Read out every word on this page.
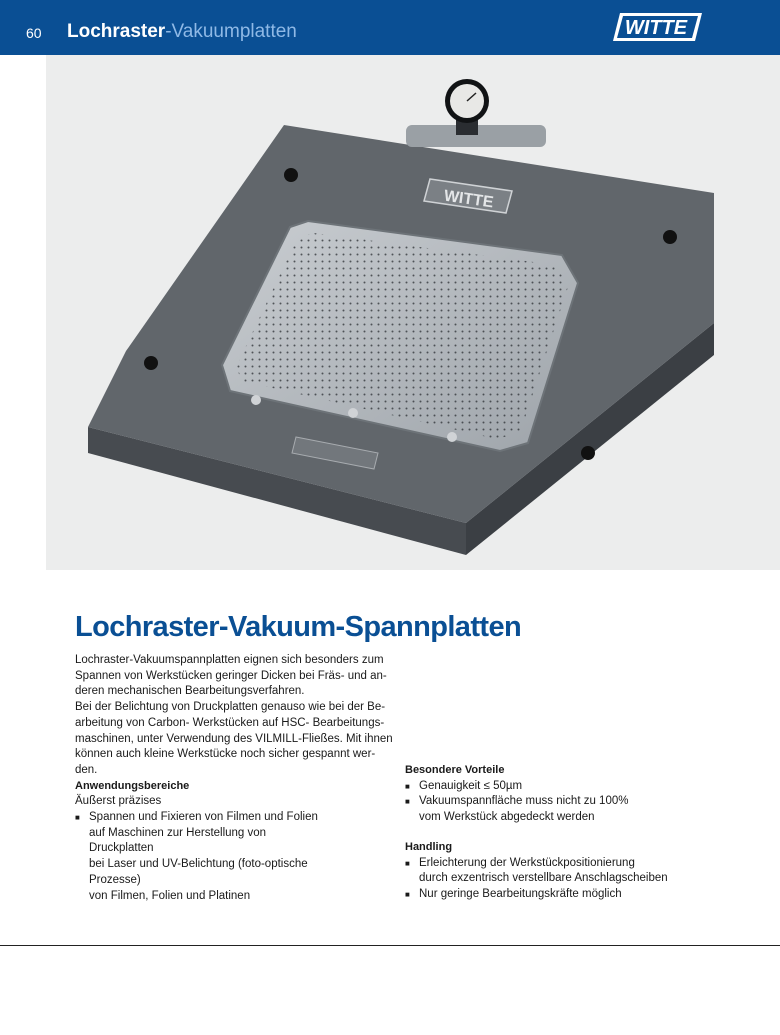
60 Lochraster-Vakuumplatten	WITTE
WITTE
Lochraster-Vakuum-Spannplatten

Lochraster-Vakuumspannplatten eignen sich besonders zum

Spannen von Werkstücken geringer Dicken bei Fräs- und an-

deren mechanischen Bearbeitungsverfahren.

Bei der Belichtung von Druckplatten genauso wie bei der Be-

arbeitung von Carbon- Werkstücken auf HSC- Bearbeitungs-

maschinen, unter Verwendung des VILMILL-Fließes. Mit ihnen

können auch kleine Werkstücke noch sicher gespannt wer-

den.

Anwendungsbereiche

Äußerst präzises

■ Spannen und Fixieren von Filmen und Folien

auf Maschinen zur Herstellung von

Druckplatten

bei Laser und UV-Belichtung (foto-optische

Prozesse)

von Filmen, Folien und Platinen

Besondere Vorteile

■ Genauigkeit ≤ 50µm

■ Vakuumspannfläche muss nicht zu 100%

vom Werkstück abgedeckt werden

Handling

■ Erleichterung der Werkstückpositionierung

durch exzentrisch verstellbare Anschlagscheiben

■ Nur geringe Bearbeitungskräfte möglich
